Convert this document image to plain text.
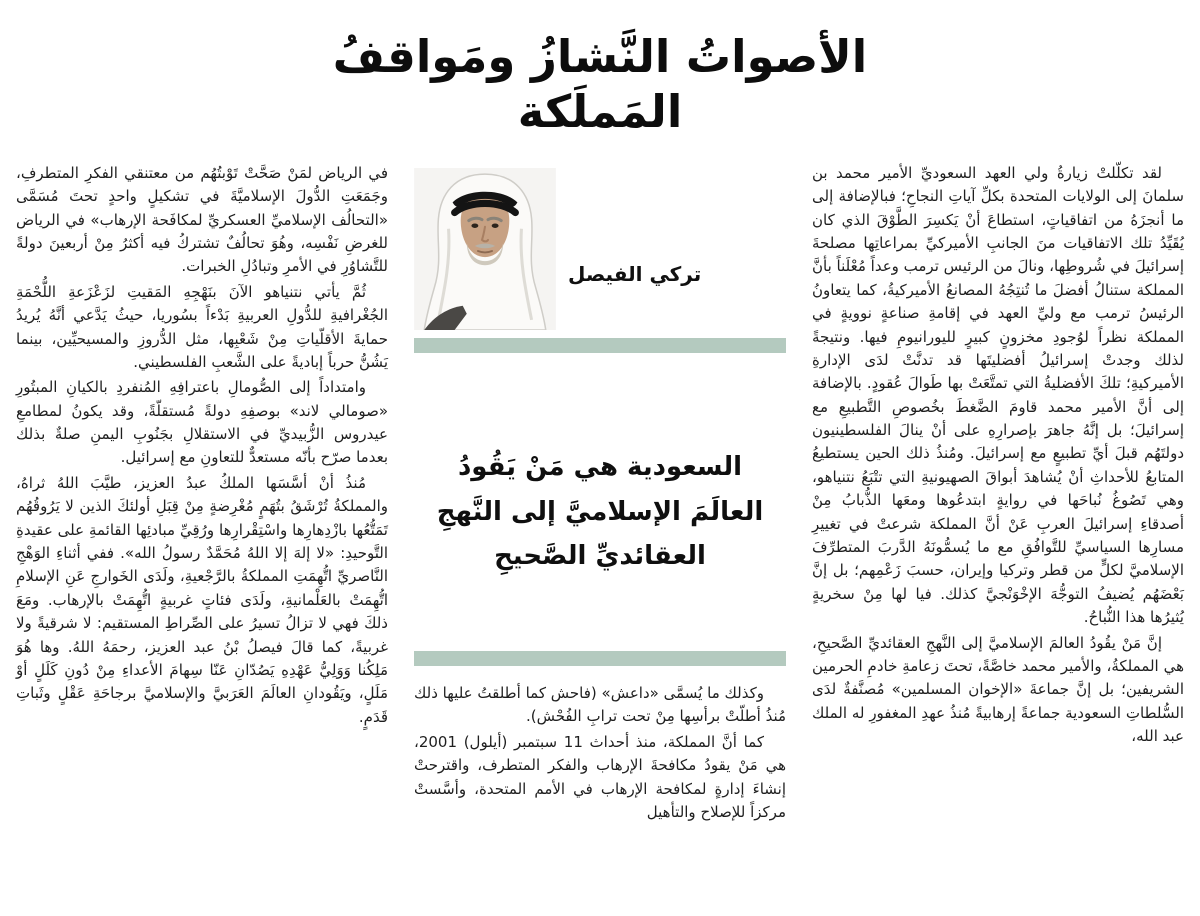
الأصواتُ النَّشازُ ومَواقفُ
المَملَكة

لقد تكلّلتْ زيارةُ ولي العهد السعوديِّ الأمير محمد بن سلمانَ إلى الولايات المتحدة بكلِّ آياتِ النجاحِ؛ فبالإضافة إلى ما أنجزَهُ من اتفاقياتٍ، استطاعَ أنْ يَكسِرَ الطَّوْقَ الذي كان يُقَيِّدُ تلك الاتفاقيات منَ الجانبِ الأميركيِّ بمراعاتِها مصلحةَ إسرائيلَ في شُروطِها، ونالَ من الرئيس ترمب وعداً مُعْلَناً بأنَّ المملكة ستنالُ أفضلَ ما تُنتِجُهُ المصانعُ الأميركيةُ، كما يتعاونُ الرئيسُ ترمب مع وليِّ العهد في إقامةِ صناعةٍ نوويةٍ في المملكة نظراً لوُجودِ مخزونٍ كبيرٍ لليورانيومِ فيها. ونتيجةً لذلك وجدتْ إسرائيلُ أفضليتَها قد تدنَّتْ لدَى الإدارةِ الأميركيةِ؛ تلكَ الأفضليةُ التي تمتَّعَتْ بها طَوالَ عُقودٍ. بالإضافة إلى أنَّ الأمير محمد قاومَ الضَّغطَ بخُصوصِ التَّطبيعِ مع إسرائيلَ؛ بل إنَّهُ جاهرَ بإصرارِهِ على أنْ ينالَ الفلسطينيون دولتَهُم قبلَ أيِّ تطبيعٍ مع إسرائيلَ. ومُنذُ ذلك الحين يستطيعُ المتابعُ للأحداثِ أنْ يُشاهدَ أبواقَ الصهيونيةِ التي تتْبَعُ نتنياهو، وهي تَصُوغُ نُباحَها في روايةٍ ابتدعُوها ومعَها الذُّبابُ مِنْ أصدقاءِ إسرائيلَ العربِ عَنْ أنَّ المملكة شرعتْ في تغييرِ مسارِها السياسيِّ للتَّوافُقِ مع ما يُسمُّونَهُ الدَّربَ المتطرِّفَ الإسلاميَّ لكلٍّ من قطر وتركيا وإيران، حسبَ زَعْمِهم؛ بل إنَّ بَعْضَهُم يُضيفُ التوجُّهَ الإخْوَنْجيَّ كذلك. فيا لها مِنْ سخريةٍ يُثيرُها هذا النُّباحُ.

إنَّ مَنْ يقُودُ العالمَ الإسلاميَّ إلى النَّهجِ العقائديِّ الصَّحيحِ، هي المملكةُ، والأمير محمد خاصَّةً، تحتَ زعامةِ خادمِ الحرمين الشريفين؛ بل إنَّ جماعةَ «الإخوان المسلمين» مُصنَّفةٌ لدَى السُّلطاتِ السعودية جماعةً إرهابيةً مُنذُ عهدِ المغفورِ له الملك عبد الله،

تركي الفيصل
السعودية هي مَنْ يَقُودُ
العالَمَ الإسلاميَّ إلى النَّهجِ
العقائديِّ الصَّحيحِ

وكذلك ما يُسمَّى «داعش» (فاحش كما أطلقتُ عليها ذلك مُنذُ أطلّتْ برأسِها مِنْ تحت ترابِ الفُحْش).

كما أنَّ المملكة، منذ أحداث 11 سبتمبر (أيلول) 2001، هي مَنْ يقودُ مكافحةَ الإرهاب والفكر المتطرف، واقترحتْ إنشاءَ إدارةٍ لمكافحة الإرهاب في الأمم المتحدة، وأسَّستْ مركزاً للإصلاح والتأهيل

في الرياض لمَنْ صَحَّتْ تَوْبتُهُم من معتنقي الفكرِ المتطرفِ، وجَمَعَتِ الدُّولَ الإسلاميَّةَ في تشكيلٍ واحدٍ تحتَ مُسَمَّى «التحالُف الإسلاميِّ العسكريِّ لمكافَحة الإرهاب» في الرياض للغرضِ نَفْسِه، وهُوَ تحالُفٌ تشتركُ فيه أكثرُ مِنْ أربعينَ دولةً للتَّشاوُرِ في الأمرِ وتبادُلِ الخبرات.

ثُمَّ يأتي نتنياهو الآنَ بنَهْجِهِ المَقيتِ لزَعْزَعةِ اللُّحْمَةِ الجُغْرافيةِ للدُّولِ العربيةِ بَدْءاً بسُوريا، حيثُ يَدَّعي أنَّهُ يُريدُ حمايةَ الأقلّياتِ مِنْ شَعْبِها، مثل الدُّروزِ والمسيحيِّين، بينما يَشُنُّ حرباً إباديةً على الشَّعبِ الفلسطيني.

وامتداداً إلى الصُّومالِ باعترافِهِ المُنفردِ بالكيانِ المبتُورِ «صومالي لاند» بوصفِهِ دولةً مُستقلّةً، وقد يكونُ لمطامعِ عيدروس الزُّبيديِّ في الاستقلالِ بجَنُوبِ اليمنِ صلةٌ بذلك بعدما صرّح بأنّه مستعدٌّ للتعاونِ مع إسرائيل.

مُنذُ أنْ أسَّسَها الملكُ عبدُ العزيز، طيَّبَ اللهُ ثراهُ، والمملكةُ تُرْشَقُ بتُهَمٍ مُغْرِضةٍ مِنْ قِبَلِ أولئكَ الذين لا يَرُوقُهُم تَمَتُّعُها بازْدِهارِها واسْتِقْرارِها ورُقِيِّ مبادئِها القائمةِ على عقيدةِ التَّوحيدِ: «لا إلهَ إلا اللهُ مُحَمَّدٌ رسولُ الله». ففي أثناءِ الوَهْجِ النَّاصريِّ اتُّهِمَتِ المملكةُ بالرَّجْعيةِ، ولَدَى الخَوارجِ عَنِ الإسلامِ اتُّهِمَتْ بالعَلْمانيةِ، ولَدَى فئاتٍ غربيةٍ اتُّهِمَتْ بالإرهاب. ومَعَ ذلكَ فهي لا تزالُ تسيرُ على الصِّراطِ المستقيم: لا شرقيةً ولا غربيةً، كما قالَ فيصلُ بْنُ عبد العزيز، رحمَهُ اللهُ. وها هُوَ مَلِكُنا وَوَلِيُّ عَهْدِهِ يَصُدّانِ عَنّا سِهامَ الأعداءِ مِنْ دُونِ كَلَلٍ أوْ مَلَلٍ، ويَقُودانِ العالَمَ العَرَبيَّ والإسلاميَّ برجاحَةِ عَقْلٍ وثَباتِ قَدَمٍ.
